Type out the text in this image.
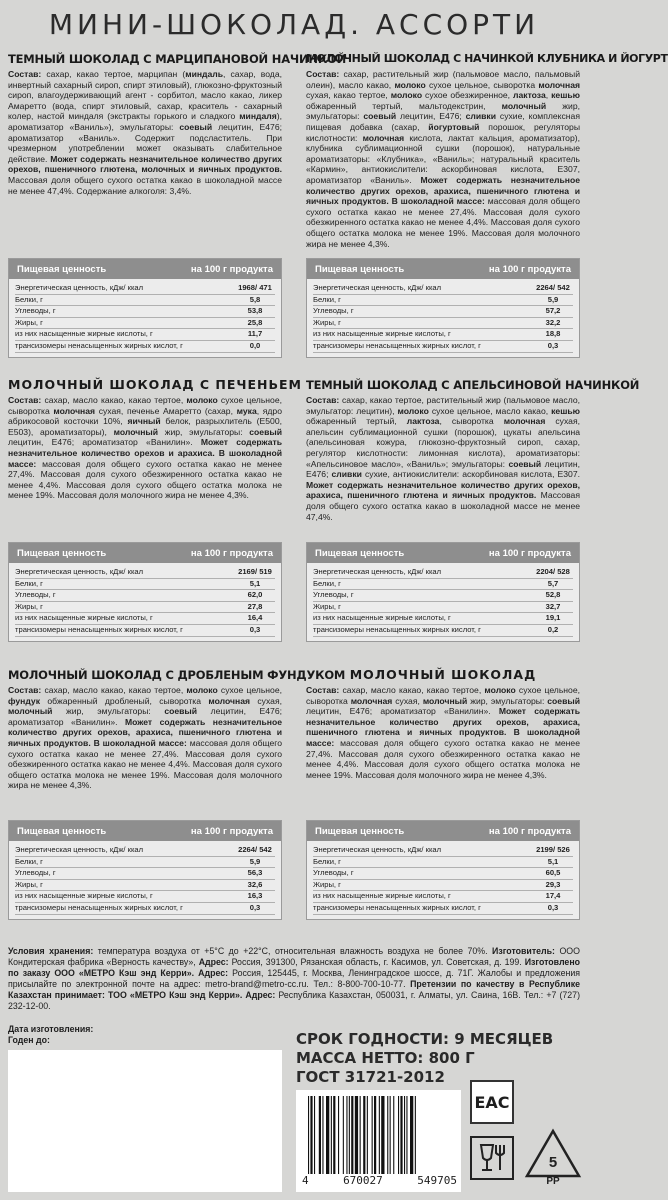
МИНИ-ШОКОЛАД. АССОРТИ
ТЕМНЫЙ ШОКОЛАД С МАРЦИПАНОВОЙ НАЧИНКОЙ
Состав: сахар, какао тертое, марципан (миндаль, сахар, вода, инвертный сахарный сироп, спирт этиловый), глюкозно-фруктозный сироп, влагоудерживающий агент - сорбитол, масло какао, ликер Амаретто (вода, спирт этиловый, сахар, краситель - сахарный колер, настой миндаля (экстракты горького и сладкого миндаля), ароматизатор «Ваниль»), эмульгаторы: соевый лецитин, Е476; ароматизатор «Ваниль». Содержит подсластитель. При чрезмерном употреблении может оказывать слабительное действие. Может содержать незначительное количество других орехов, пшеничного глютена, молочных и яичных продуктов. Массовая доля общего сухого остатка какао в шоколадной массе не менее 47,4%. Содержание алкоголя: 3,4%.
МОЛОЧНЫЙ ШОКОЛАД С НАЧИНКОЙ КЛУБНИКА И ЙОГУРТ
Состав: сахар, растительный жир (пальмовое масло, пальмовый олеин), масло какао, молоко сухое цельное, сыворотка молочная сухая, какао тертое, молоко сухое обезжиренное, лактоза, кешью обжаренный тертый, мальтодекстрин, молочный жир, эмульгаторы: соевый лецитин, Е476; сливки сухие, комплексная пищевая добавка (сахар, йогуртовый порошок, регуляторы кислотности: молочная кислота, лактат кальция, ароматизатор), клубника сублимационной сушки (порошок), натуральные ароматизаторы: «Клубника», «Ваниль»; натуральный краситель «Кармин», антиокислители: аскорбиновая кислота, Е307, ароматизатор «Ваниль». Может содержать незначительное количество других орехов, арахиса, пшеничного глютена и яичных продуктов. В шоколадной массе: массовая доля общего сухого остатка какао не менее 27,4%. Массовая доля сухого обезжиренного остатка какао не менее 4,4%. Массовая доля сухого общего остатка молока не менее 19%. Массовая доля молочного жира не менее 4,3%.
Пищевая ценность	на 100 г продукта
Энергетическая ценность, кДж/ ккал	1968/ 471
Белки, г	5,8
Углеводы, г	53,8
Жиры, г	25,8
из них насыщенные жирные кислоты, г	11,7
трансизомеры ненасыщенных жирных кислот, г	0,0
Пищевая ценность	на 100 г продукта
Энергетическая ценность, кДж/ ккал	2264/ 542
Белки, г	5,9
Углеводы, г	57,2
Жиры, г	32,2
из них насыщенные жирные кислоты, г	18,8
трансизомеры ненасыщенных жирных кислот, г	0,3
МОЛОЧНЫЙ ШОКОЛАД С ПЕЧЕНЬЕМ
Состав: сахар, масло какао, какао тертое, молоко сухое цельное, сыворотка молочная сухая, печенье Амаретто (сахар, мука, ядро абрикосовой косточки 10%, яичный белок, разрыхлитель (Е500, Е503), ароматизаторы), молочный жир, эмульгаторы: соевый лецитин, Е476; ароматизатор «Ванилин». Может содержать незначительное количество орехов и арахиса. В шоколадной массе: массовая доля общего сухого остатка какао не менее 27,4%. Массовая доля сухого обезжиренного остатка какао не менее 4,4%. Массовая доля сухого общего остатка молока не менее 19%. Массовая доля молочного жира не менее 4,3%.
ТЕМНЫЙ ШОКОЛАД С АПЕЛЬСИНОВОЙ НАЧИНКОЙ
Состав: сахар, какао тертое, растительный жир (пальмовое масло, эмульгатор: лецитин), молоко сухое цельное, масло какао, кешью обжаренный тертый, лактоза, сыворотка молочная сухая, апельсин сублимационной сушки (порошок), цукаты апельсина (апельсиновая кожура, глюкозно-фруктозный сироп, сахар, регулятор кислотности: лимонная кислота), ароматизаторы: «Апельсиновое масло», «Ваниль»; эмульгаторы: соевый лецитин, Е476; сливки сухие, антиокислители: аскорбиновая кислота, Е307. Может содержать незначительное количество других орехов, арахиса, пшеничного глютена и яичных продуктов. Массовая доля общего сухого остатка какао в шоколадной массе не менее 47,4%.
Пищевая ценность	на 100 г продукта
Энергетическая ценность, кДж/ ккал	2169/ 519
Белки, г	5,1
Углеводы, г	62,0
Жиры, г	27,8
из них насыщенные жирные кислоты, г	16,4
трансизомеры ненасыщенных жирных кислот, г	0,3
Пищевая ценность	на 100 г продукта
Энергетическая ценность, кДж/ ккал	2204/ 528
Белки, г	5,7
Углеводы, г	52,8
Жиры, г	32,7
из них насыщенные жирные кислоты, г	19,1
трансизомеры ненасыщенных жирных кислот, г	0,2
МОЛОЧНЫЙ ШОКОЛАД С ДРОБЛЕНЫМ ФУНДУКОМ
Состав: сахар, масло какао, какао тертое, молоко сухое цельное, фундук обжаренный дробленый, сыворотка молочная сухая, молочный жир, эмульгаторы: соевый лецитин, Е476; ароматизатор «Ванилин». Может содержать незначительное количество других орехов, арахиса, пшеничного глютена и яичных продуктов. В шоколадной массе: массовая доля общего сухого остатка какао не менее 27,4%. Массовая доля сухого обезжиренного остатка какао не менее 4,4%. Массовая доля сухого общего остатка молока не менее 19%. Массовая доля молочного жира не менее 4,3%.
МОЛОЧНЫЙ ШОКОЛАД
Состав: сахар, масло какао, какао тертое, молоко сухое цельное, сыворотка молочная сухая, молочный жир, эмульгаторы: соевый лецитин, Е476; ароматизатор «Ванилин». Может содержать незначительное количество других орехов, арахиса, пшеничного глютена и яичных продуктов. В шоколадной массе: массовая доля общего сухого остатка какао не менее 27,4%. Массовая доля сухого обезжиренного остатка какао не менее 4,4%. Массовая доля сухого общего остатка молока не менее 19%. Массовая доля молочного жира не менее 4,3%.
Пищевая ценность	на 100 г продукта
Энергетическая ценность, кДж/ ккал	2264/ 542
Белки, г	5,9
Углеводы, г	56,3
Жиры, г	32,6
из них насыщенные жирные кислоты, г	16,3
трансизомеры ненасыщенных жирных кислот, г	0,3
Пищевая ценность	на 100 г продукта
Энергетическая ценность, кДж/ ккал	2199/ 526
Белки, г	5,1
Углеводы, г	60,5
Жиры, г	29,3
из них насыщенные жирные кислоты, г	17,4
трансизомеры ненасыщенных жирных кислот, г	0,3
Условия хранения: температура воздуха от +5°С до +22°С, относительная влажность воздуха не более 70%. Изготовитель: ООО Кондитерская фабрика «Верность качеству», Адрес: Россия, 391300, Рязанская область, г. Касимов, ул. Советская, д. 199. Изготовлено по заказу ООО «МЕТРО Кэш энд Керри». Адрес: Россия, 125445, г. Москва, Ленинградское шоссе, д. 71Г. Жалобы и предложения присылайте по электронной почте на адрес: metro-brand@metro-cc.ru. Тел.: 8-800-700-10-77. Претензии по качеству в Республике Казахстан принимает: ТОО «МЕТРО Кэш энд Керри». Адрес: Республика Казахстан, 050031, г. Алматы, ул. Саина, 16В. Тел.: +7 (727) 232-12-00.
Дата изготовления:
Годен до:	СРОК ГОДНОСТИ: 9 МЕСЯЦЕВ
МАССА НЕТТО: 800 Г
ГОСТ 31721-2012
4	670027	549705
EAC
5
PP
